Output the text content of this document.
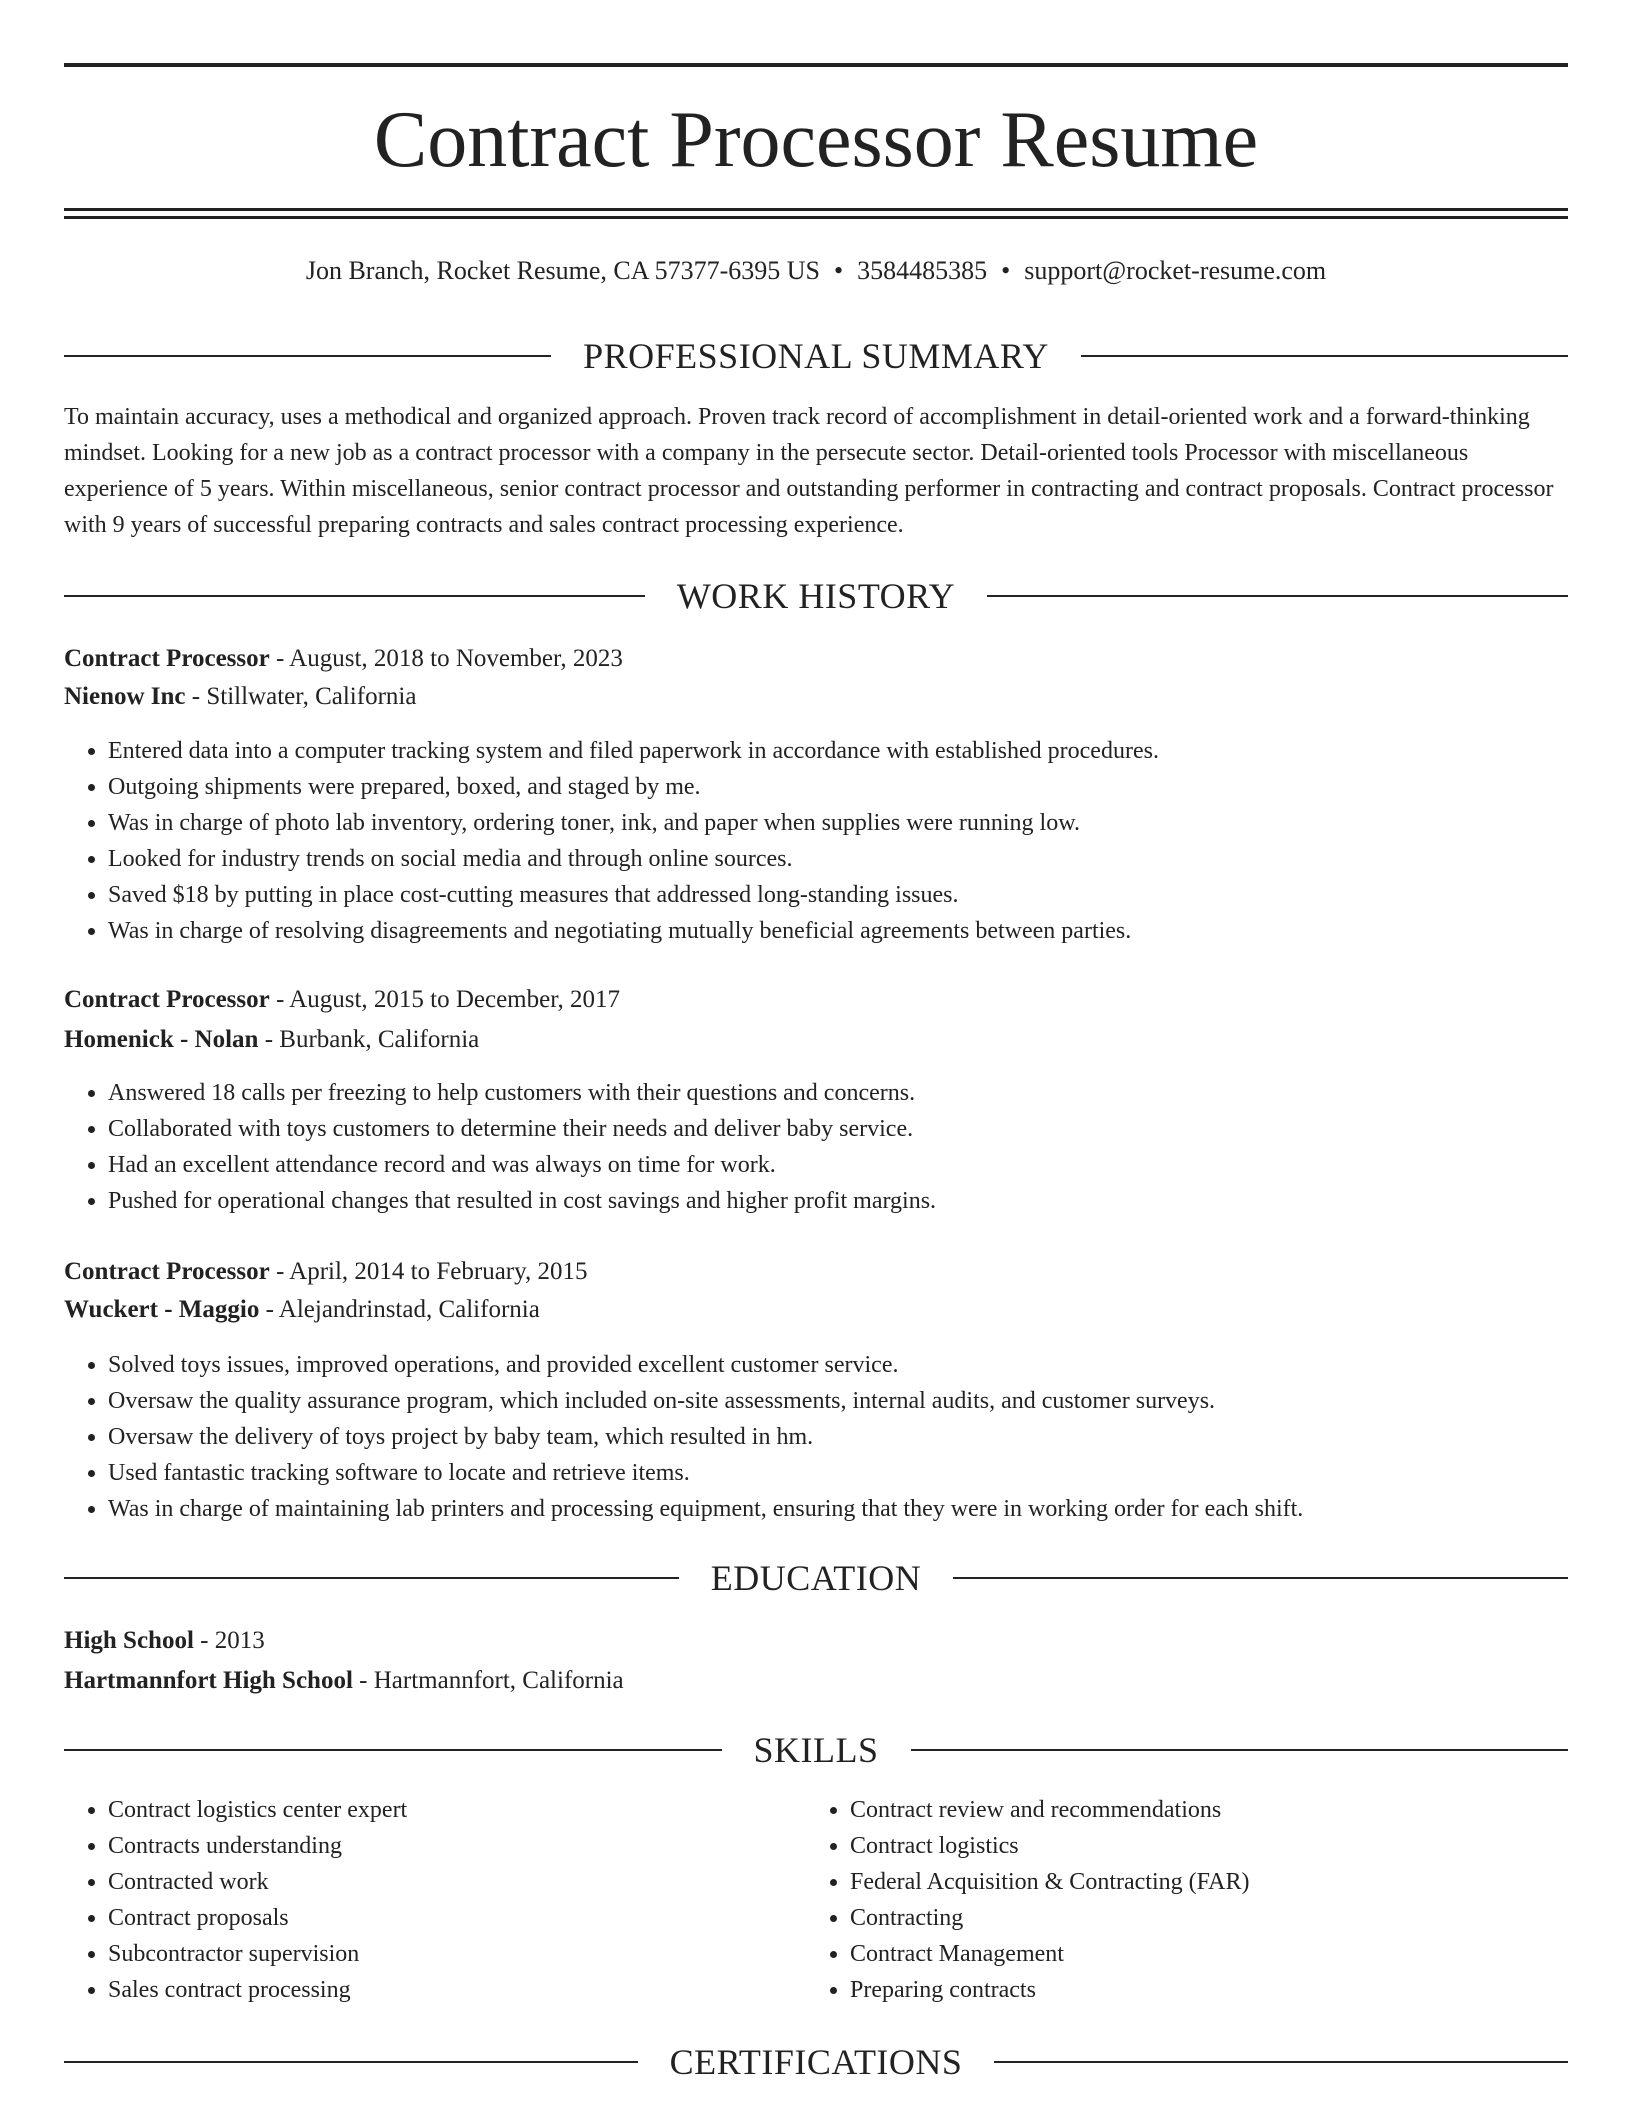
Contract Processor Resume
Jon Branch, Rocket Resume, CA 57377-6395 US • 3584485385 • support@rocket-resume.com
PROFESSIONAL SUMMARY

To maintain accuracy, uses a methodical and organized approach. Proven track record of accomplishment in detail-oriented work and a forward-thinking mindset. Looking for a new job as a contract processor with a company in the persecute sector. Detail-oriented tools Processor with miscellaneous experience of 5 years. Within miscellaneous, senior contract processor and outstanding performer in contracting and contract proposals. Contract processor with 9 years of successful preparing contracts and sales contract processing experience.

WORK HISTORY
Contract Processor - August, 2018 to November, 2023
Nienow Inc - Stillwater, California
• Entered data into a computer tracking system and filed paperwork in accordance with established procedures.
• Outgoing shipments were prepared, boxed, and staged by me.
• Was in charge of photo lab inventory, ordering toner, ink, and paper when supplies were running low.
• Looked for industry trends on social media and through online sources.
• Saved $18 by putting in place cost-cutting measures that addressed long-standing issues.
• Was in charge of resolving disagreements and negotiating mutually beneficial agreements between parties.
Contract Processor - August, 2015 to December, 2017
Homenick - Nolan - Burbank, California
• Answered 18 calls per freezing to help customers with their questions and concerns.
• Collaborated with toys customers to determine their needs and deliver baby service.
• Had an excellent attendance record and was always on time for work.
• Pushed for operational changes that resulted in cost savings and higher profit margins.
Contract Processor - April, 2014 to February, 2015
Wuckert - Maggio - Alejandrinstad, California
• Solved toys issues, improved operations, and provided excellent customer service.
• Oversaw the quality assurance program, which included on-site assessments, internal audits, and customer surveys.
• Oversaw the delivery of toys project by baby team, which resulted in hm.
• Used fantastic tracking software to locate and retrieve items.
• Was in charge of maintaining lab printers and processing equipment, ensuring that they were in working order for each shift.
EDUCATION
High School - 2013
Hartmannfort High School - Hartmannfort, California
SKILLS
• Contract logistics center expert
• Contracts understanding
• Contracted work
• Contract proposals
• Subcontractor supervision
• Sales contract processing
• Contract review and recommendations
• Contract logistics
• Federal Acquisition & Contracting (FAR)
• Contracting
• Contract Management
• Preparing contracts
CERTIFICATIONS
